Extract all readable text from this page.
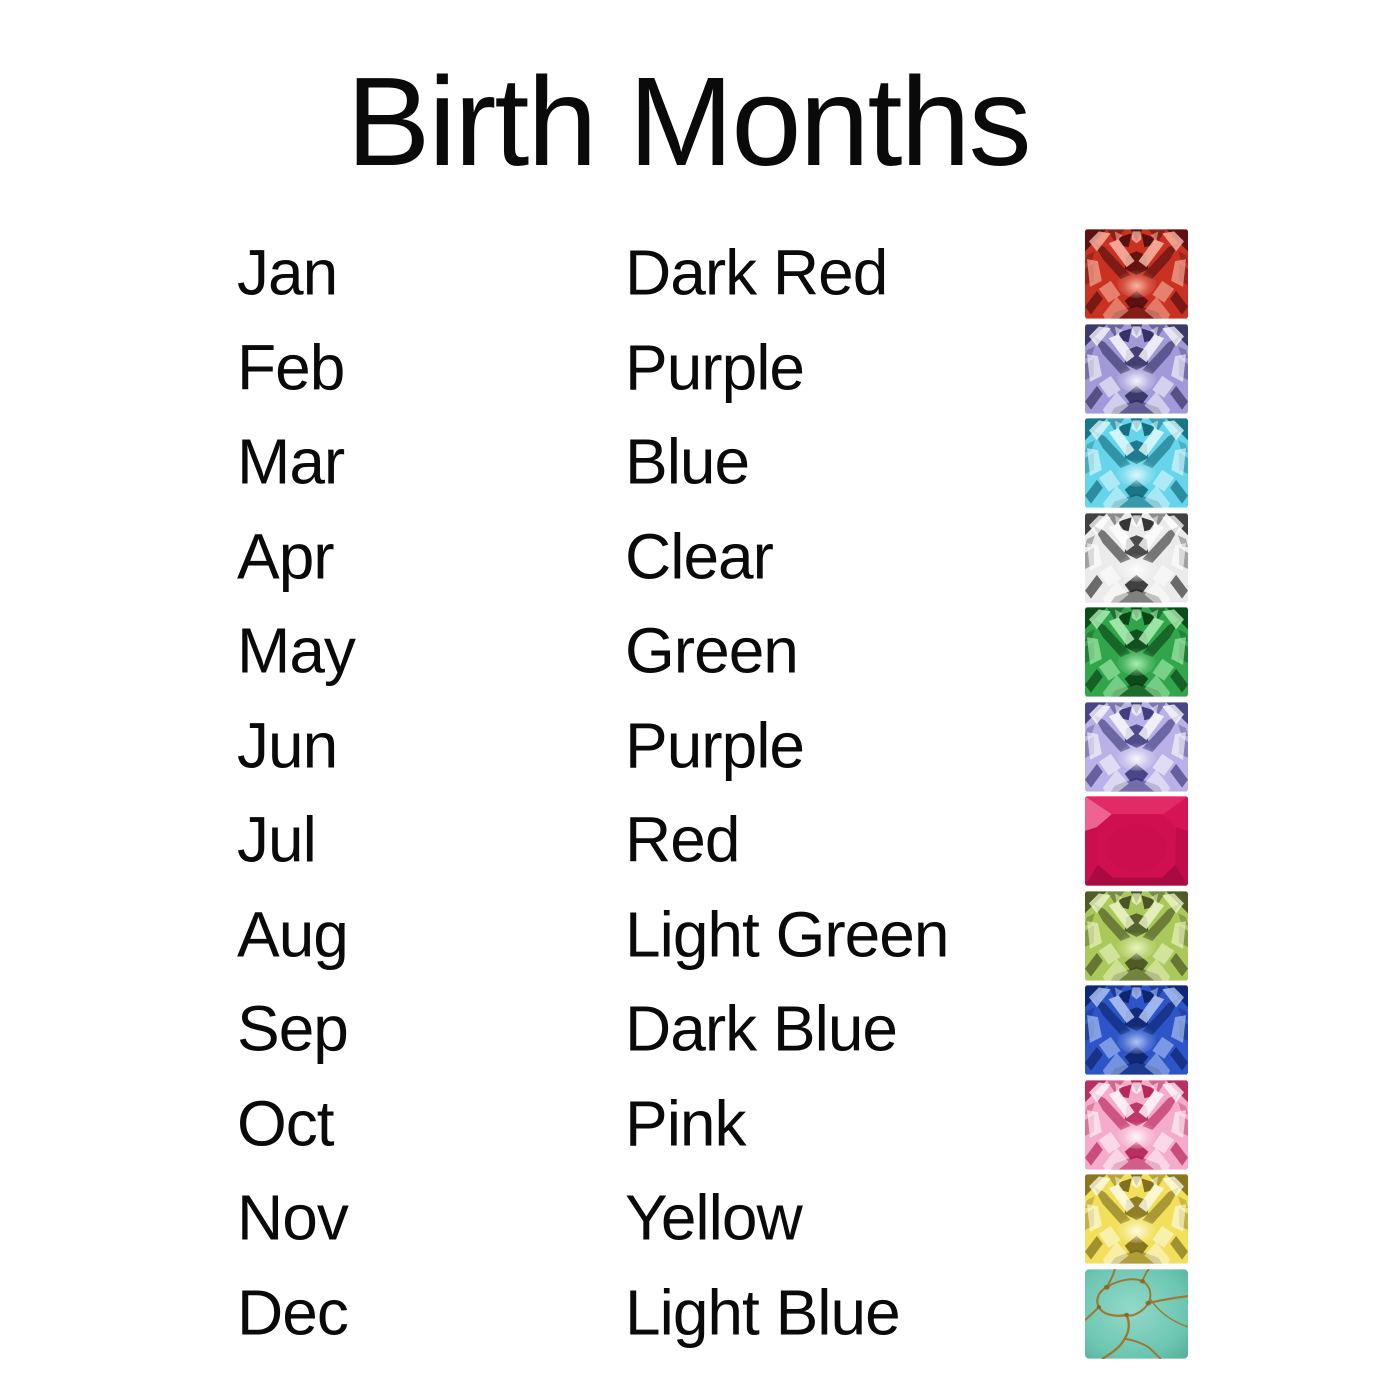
Birth Months
Jan	Dark Red
Feb	Purple
Mar	Blue
Apr	Clear
May	Green
Jun	Purple
Jul	Red
Aug	Light Green
Sep	Dark Blue
Oct	Pink
Nov	Yellow
Dec	Light Blue
